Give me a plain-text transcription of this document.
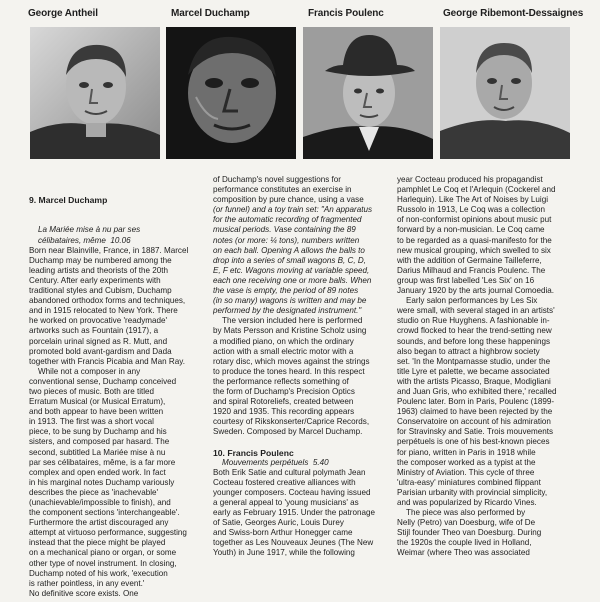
George Antheil	Marcel Duchamp	Francis Poulenc	George Ribemont-Dessaignes

9. Marcel Duchamp

La Mariée mise à nu par ses

célibataires, même  10.06

Born near Blainville, France, in 1887. Marcel

Duchamp may be numbered among the

leading artists and theorists of the 20th

Century. After early experiments with

traditional styles and Cubism, Duchamp

abandoned orthodox forms and techniques,

and in 1915 relocated to New York. There

he worked on provocative 'readymade'

artworks such as Fountain (1917), a

porcelain urinal signed as R. Mutt, and

promoted bold avant-gardism and Dada

together with Francis Picabia and Man Ray.

While not a composer in any

conventional sense, Duchamp conceived

two pieces of music. Both are titled

Erratum Musical (or Musical Erratum),

and both appear to have been written

in 1913. The first was a short vocal

piece, to be sung by Duchamp and his

sisters, and composed par hasard. The

second, subtitled La Mariée mise à nu

par ses célibataires, même, is a far more

complex and open ended work. In fact

in his marginal notes Duchamp variously

describes the piece as 'inachevable'

(unachievable/impossible to finish), and

the component sections 'interchangeable'.

Furthermore the artist discouraged any

attempt at virtuoso performance, suggesting

instead that the piece might be played

on a mechanical piano or organ, or some

other type of novel instrument. In closing,

Duchamp noted of his work, 'execution

is rather pointless, in any event.'

No definitive score exists. One

of Duchamp's novel suggestions for

performance constitutes an exercise in

composition by pure chance, using a vase

(or funnel) and a toy train set: "An apparatus

for the automatic recording of fragmented

musical periods. Vase containing the 89

notes (or more: ¼ tons), numbers written

on each ball. Opening A allows the balls to

drop into a series of small wagons B, C, D,

E, F etc. Wagons moving at variable speed,

each one receiving one or more balls. When

the vase is empty, the period of 89 notes

(in so many) wagons is written and may be

performed by the designated instrument."

The version included here is performed

by Mats Persson and Kristine Scholz using

a modified piano, on which the ordinary

action with a small electric motor with a

rotary disc, which moves against the strings

to produce the tones heard. In this respect

the performance reflects something of

the form of Duchamp's Precision Optics

and spiral Rotoreliefs, created between

1920 and 1935. This recording appears

courtesy of Rikskonserter/Caprice Records,

Sweden. Composed by Marcel Duchamp.

10. Francis Poulenc

Mouvements perpétuels  5.40

Both Erik Satie and cultural polymath Jean

Cocteau fostered creative alliances with

younger composers. Cocteau having issued

a general appeal to 'young musicians' as

early as February 1915. Under the patronage

of Satie, Georges Auric, Louis Durey

and Swiss-born Arthur Honegger came

together as Les Nouveaux Jeunes (The New

Youth) in June 1917, while the following

year Cocteau produced his propagandist

pamphlet Le Coq et l'Arlequin (Cockerel and

Harlequin). Like The Art of Noises by Luigi

Russolo in 1913, Le Coq was a collection

of non-conformist opinions about music put

forward by a non-musician. Le Coq came

to be regarded as a quasi-manifesto for the

new musical grouping, which swelled to six

with the addition of Germaine Tailleferre,

Darius Milhaud and Francis Poulenc. The

group was first labelled 'Les Six' on 16

January 1920 by the arts journal Comoedia.

Early salon performances by Les Six

were small, with several staged in an artists'

studio on Rue Huyghens. A fashionable in-

crowd flocked to hear the trend-setting new

sounds, and before long these happenings

also began to attract a highbrow society

set. 'In the Montparnasse studio, under the

title Lyre et palette, we became associated

with the artists Picasso, Braque, Modigliani

and Juan Gris, who exhibited there,' recalled

Poulenc later. Born in Paris, Poulenc (1899-

1963) claimed to have been rejected by the

Conservatoire on account of his admiration

for Stravinsky and Satie. Trois mouvements

perpétuels is one of his best-known pieces

for piano, written in Paris in 1918 while

the composer worked as a typist at the

Ministry of Aviation. This cycle of three

'ultra-easy' miniatures combined flippant

Parisian urbanity with provincial simplicity,

and was popularized by Ricardo Vines.

The piece was also performed by

Nelly (Petro) van Doesburg, wife of De

Stijl founder Theo van Doesburg. During

the 1920s the couple lived in Holland,

Weimar (where Theo was associated
